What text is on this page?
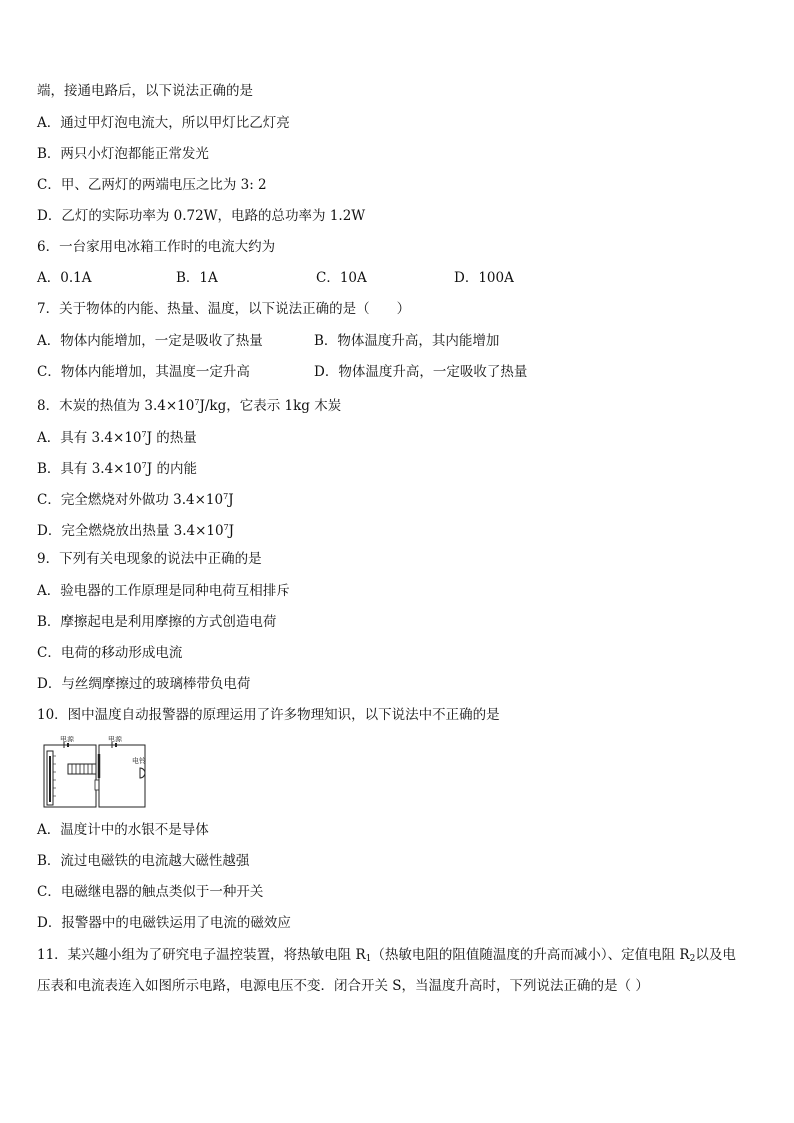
端，接通电路后，以下说法正确的是
A．通过甲灯泡电流大，所以甲灯比乙灯亮
B．两只小灯泡都能正常发光
C．甲、乙两灯的两端电压之比为 3: 2
D．乙灯的实际功率为 0.72W，电路的总功率为 1.2W
6．一台家用电冰箱工作时的电流大约为
A．0.1A	B．1A	C．10A	D．100A
7．关于物体的内能、热量、温度，以下说法正确的是（　　）
A．物体内能增加，一定是吸收了热量	B．物体温度升高，其内能增加
C．物体内能增加，其温度一定升高	D．物体温度升高，一定吸收了热量
8．木炭的热值为 $3.4\times 10^7J/kg$，它表示 1kg 木炭
A．具有 $3.4\times 10^7J$ 的热量
B．具有 $3.4\times 10^7J$ 的内能
C．完全燃烧对外做功 $3.4\times 10^7J$
D．完全燃烧放出热量 $3.4\times 10^7J$
9．下列有关电现象的说法中正确的是
A．验电器的工作原理是同种电荷互相排斥
B．摩擦起电是利用摩擦的方式创造电荷
C．电荷的移动形成电流
D．与丝绸摩擦过的玻璃棒带负电荷
10．图中温度自动报警器的原理运用了许多物理知识，以下说法中不正确的是
电源	电源
电铃
A．温度计中的水银不是导体
B．流过电磁铁的电流越大磁性越强
C．电磁继电器的触点类似于一种开关
D．报警器中的电磁铁运用了电流的磁效应
11．某兴趣小组为了研究电子温控装置，将热敏电阻 $R_1$（热敏电阻的阻值随温度的升高而减小）、定值电阻 $R_2$以及电
压表和电流表连入如图所示电路，电源电压不变．闭合开关 S，当温度升高时，下列说法正确的是（ ）
